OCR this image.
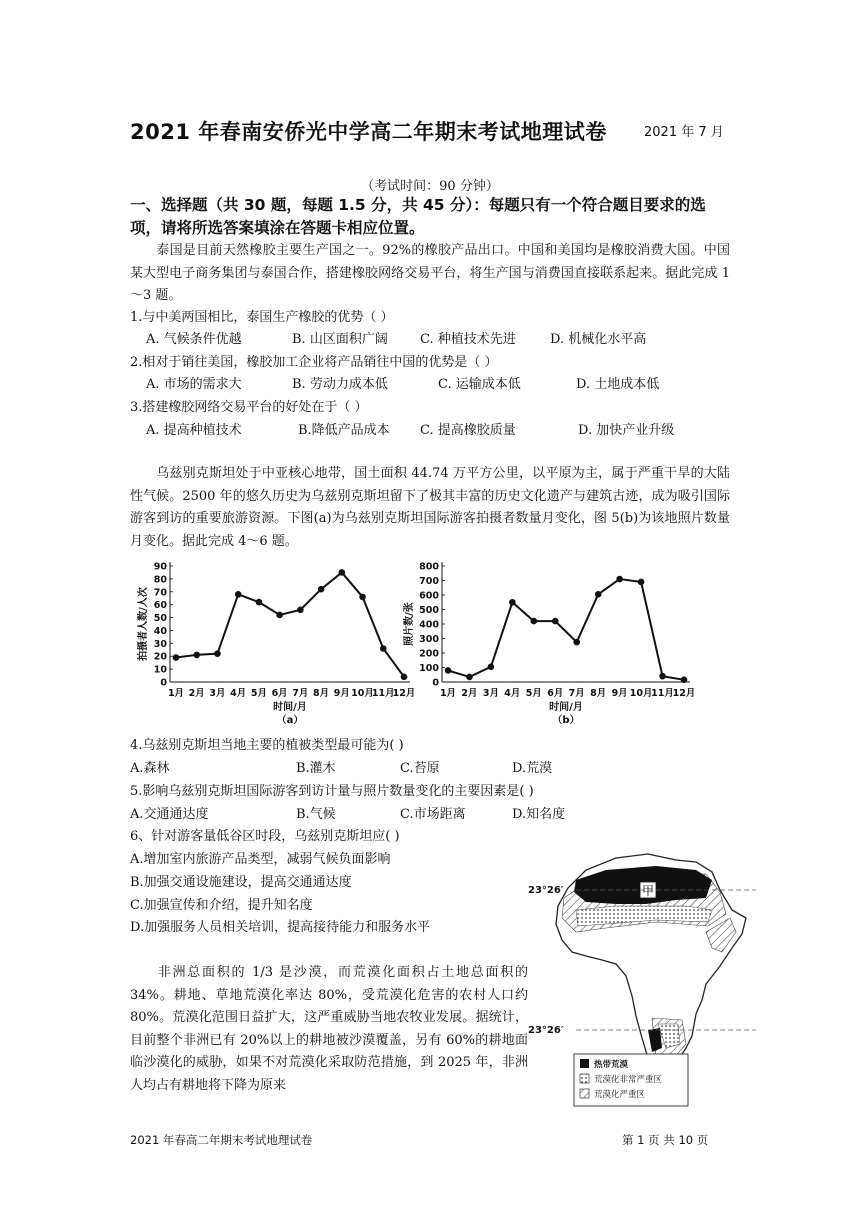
2021 年春南安侨光中学高二年期末考试地理试卷	2021 年 7 月
（考试时间：90 分钟）
一、选择题（共 30 题，每题 1.5 分，共 45 分）：每题只有一个符合题目要求的选项，请将所选答案填涂在答题卡相应位置。
泰国是目前天然橡胶主要生产国之一。92%的橡胶产品出口。中国和美国均是橡胶消费大国。中国某大型电子商务集团与泰国合作，搭建橡胶网络交易平台，将生产国与消费国直接联系起来。据此完成 1～3 题。
1.与中美两国相比，泰国生产橡胶的优势（ ）
A. 气候条件优越	B. 山区面积广阔 C. 种植技术先进	D. 机械化水平高
2.相对于销往美国，橡胶加工企业将产品销往中国的优势是（ ）
A. 市场的需求大	B. 劳动力成本低	C. 运输成本低	D. 土地成本低
3.搭建橡胶网络交易平台的好处在于（ ）
A. 提高种植技术	B.降低产品成本 C. 提高橡胶质量	D. 加快产业升级
乌兹别克斯坦处于中亚核心地带，国土面积 44.74 万平方公里，以平原为主，属于严重干旱的大陆性气候。2500 年的悠久历史为乌兹别克斯坦留下了极其丰富的历史文化遗产与建筑古迹，成为吸引国际游客到访的重要旅游资源。下图(a)为乌兹别克斯坦国际游客拍摄者数量月变化，图 5(b)为该地照片数量月变化。据此完成 4～6 题。
0
10
20
30
40
50
60
70
80
90
1月 2月 3月 4月 5月 6月 7月 8月 9月 10月
11月
12月
时间/月
（a）
拍摄者人数/人次
0
100
200
300
400
500
600
700
800
1月 2月 3月 4月 5月 6月 7月 8月 9月 10月
11月
12月
时间/月
（b）
照片数/张
4.乌兹别克斯坦当地主要的植被类型最可能为( )
A.森林	B.灌木	C.苔原	D.荒漠
5.影响乌兹别克斯坦国际游客到访计量与照片数量变化的主要因素是( )
A.交通通达度	B.气候	C.市场距离	D.知名度
6、针对游客量低谷区时段，乌兹别克斯坦应( )
A.增加室内旅游产品类型，减弱气候负面影响
B.加强交通设施建设，提高交通通达度
C.加强宣传和介绍，提升知名度
D.加强服务人员相关培训，提高接待能力和服务水平
非洲总面积的 1/3 是沙漠，而荒漠化面积占土地总面积的 34%。耕地、草地荒漠化率达 80%，受荒漠化危害的农村人口约 80%。荒漠化范围日益扩大，这严重威胁当地农牧业发展。据统计，目前整个非洲已有 20%以上的耕地被沙漠覆盖，另有 60%的耕地面临沙漠化的威胁，如果不对荒漠化采取防范措施，到 2025 年，非洲人均占有耕地将下降为原来
甲
23°26′
23°26′
热带荒漠
荒漠化非常严重区
荒漠化严重区
2021 年春高二年期末考试地理试卷	第 1 页 共 10 页
